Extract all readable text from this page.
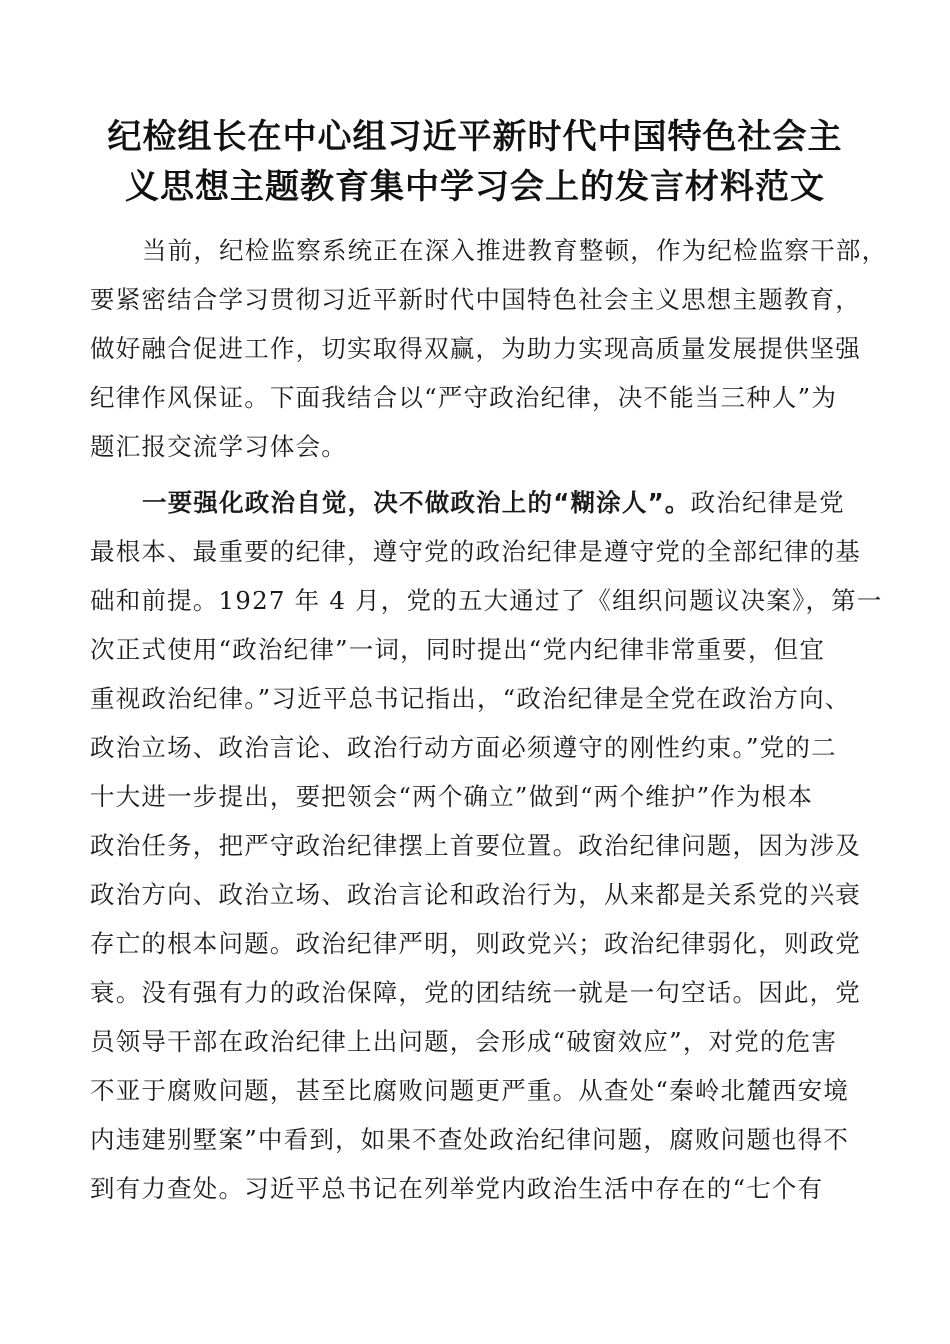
纪检组长在中心组习近平新时代中国特色社会主
义思想主题教育集中学习会上的发言材料范文
当前，纪检监察系统正在深入推进教育整顿，作为纪检监察干部，
要紧密结合学习贯彻习近平新时代中国特色社会主义思想主题教育，
做好融合促进工作，切实取得双赢，为助力实现高质量发展提供坚强
纪律作风保证。下面我结合以“严守政治纪律，决不能当三种人”为
题汇报交流学习体会。
一要强化政治自觉，决不做政治上的“糊涂人”。政治纪律是党
最根本、最重要的纪律，遵守党的政治纪律是遵守党的全部纪律的基
础和前提。1927 年 4 月，党的五大通过了《组织问题议决案》，第一
次正式使用“政治纪律”一词，同时提出“党内纪律非常重要，但宜
重视政治纪律。”习近平总书记指出，“政治纪律是全党在政治方向、
政治立场、政治言论、政治行动方面必须遵守的刚性约束。”党的二
十大进一步提出，要把领会“两个确立”做到“两个维护”作为根本
政治任务，把严守政治纪律摆上首要位置。政治纪律问题，因为涉及
政治方向、政治立场、政治言论和政治行为，从来都是关系党的兴衰
存亡的根本问题。政治纪律严明，则政党兴；政治纪律弱化，则政党
衰。没有强有力的政治保障，党的团结统一就是一句空话。因此，党
员领导干部在政治纪律上出问题，会形成“破窗效应”，对党的危害
不亚于腐败问题，甚至比腐败问题更严重。从查处“秦岭北麓西安境
内违建别墅案”中看到，如果不查处政治纪律问题，腐败问题也得不
到有力查处。习近平总书记在列举党内政治生活中存在的“七个有
